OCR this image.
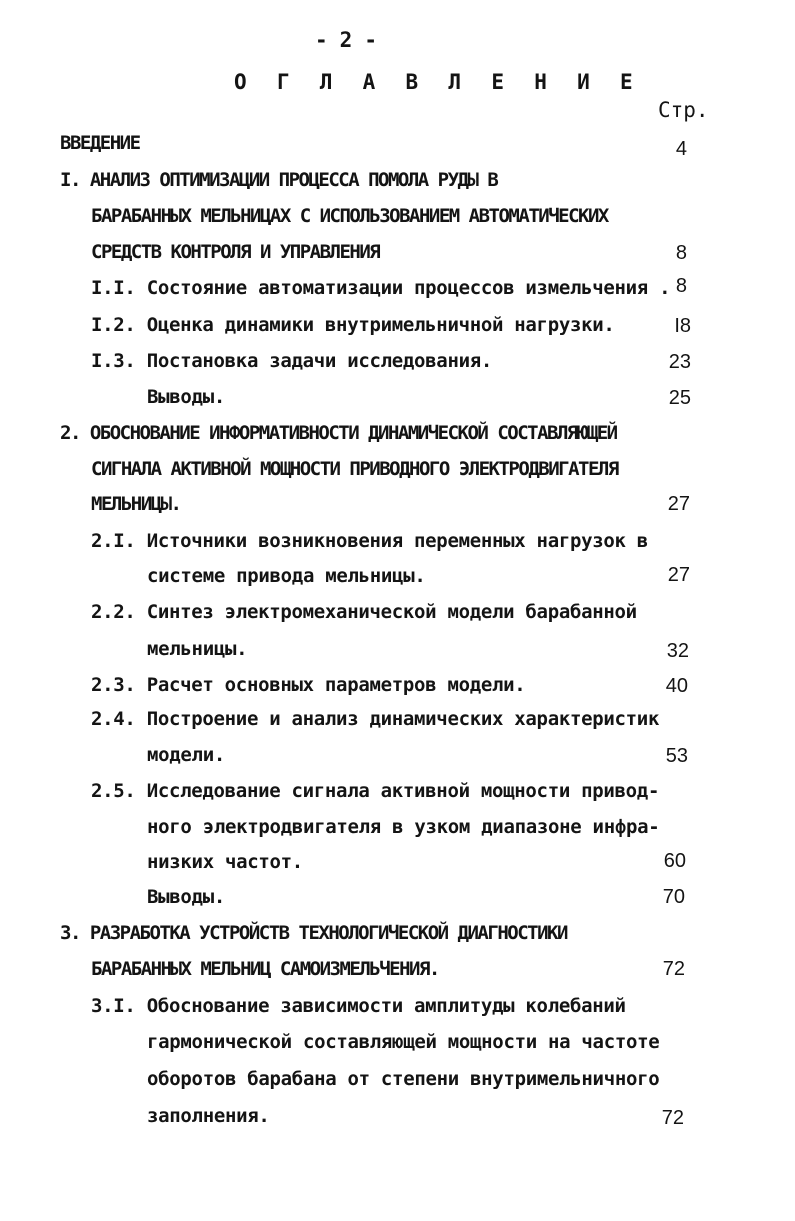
- 2 -
О Г Л А В Л Е Н И Е
Стр.
ВВЕДЕНИЕ
I. АНАЛИЗ ОПТИМИЗАЦИИ ПРОЦЕССА ПОМОЛА РУДЫ В
БАРАБАННЫХ МЕЛЬНИЦАХ С ИСПОЛЬЗОВАНИЕМ АВТОМАТИЧЕСКИХ
СРЕДСТВ КОНТРОЛЯ И УПРАВЛЕНИЯ
I.I. Состояние автоматизации процессов измельчения .
I.2. Оценка динамики внутримельничной нагрузки.
I.3. Постановка задачи исследования.
Выводы.
2. ОБОСНОВАНИЕ ИНФОРМАТИВНОСТИ ДИНАМИЧЕСКОЙ СОСТАВЛЯЮЩЕЙ
СИГНАЛА АКТИВНОЙ МОЩНОСТИ ПРИВОДНОГО ЭЛЕКТРОДВИГАТЕЛЯ
МЕЛЬНИЦЫ.
2.I. Источники возникновения переменных нагрузок в
системе привода мельницы.
2.2. Синтез электромеханической модели барабанной
мельницы.
2.3. Расчет основных параметров модели.
2.4. Построение и анализ динамических характеристик
модели.
2.5. Исследование сигнала активной мощности привод-
ного электродвигателя в узком диапазоне инфра-
низких частот.
Выводы.
3. РАЗРАБОТКА УСТРОЙСТВ ТЕХНОЛОГИЧЕСКОЙ ДИАГНОСТИКИ
БАРАБАННЫХ МЕЛЬНИЦ САМОИЗМЕЛЬЧЕНИЯ.
3.I. Обоснование зависимости амплитуды колебаний
гармонической составляющей мощности на частоте
оборотов барабана от степени внутримельничного
заполнения.
4
8
8
I8
23
25
27
27
32
40
53
60
70
72
72
